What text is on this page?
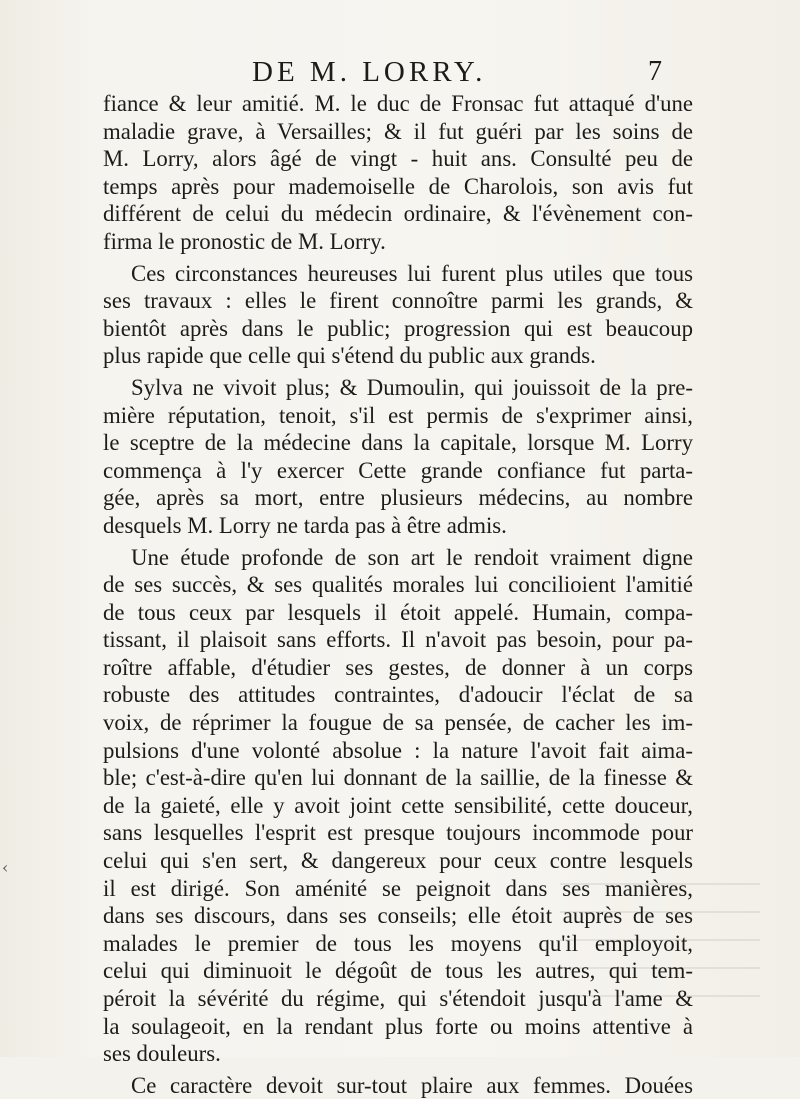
DE M. LORRY.	7
fiance & leur amitié. M. le duc de Fronsac fut attaqué d'une
maladie grave, à Versailles; & il fut guéri par les soins de
M. Lorry, alors âgé de vingt - huit ans. Consulté peu de
temps après pour mademoiselle de Charolois, son avis fut
différent de celui du médecin ordinaire, & l'évènement con-
firma le pronostic de M. Lorry.
Ces circonstances heureuses lui furent plus utiles que tous
ses travaux : elles le firent connoître parmi les grands, &
bientôt après dans le public; progression qui est beaucoup
plus rapide que celle qui s'étend du public aux grands.
Sylva ne vivoit plus; & Dumoulin, qui jouissoit de la pre-
mière réputation, tenoit, s'il est permis de s'exprimer ainsi,
le sceptre de la médecine dans la capitale, lorsque M. Lorry
commença à l'y exercer Cette grande confiance fut parta-
gée, après sa mort, entre plusieurs médecins, au nombre
desquels M. Lorry ne tarda pas à être admis.
Une étude profonde de son art le rendoit vraiment digne
de ses succès, & ses qualités morales lui concilioient l'amitié
de tous ceux par lesquels il étoit appelé. Humain, compa-
tissant, il plaisoit sans efforts. Il n'avoit pas besoin, pour pa-
roître affable, d'étudier ses gestes, de donner à un corps
robuste des attitudes contraintes, d'adoucir l'éclat de sa
voix, de réprimer la fougue de sa pensée, de cacher les im-
pulsions d'une volonté absolue : la nature l'avoit fait aima-
ble; c'est-à-dire qu'en lui donnant de la saillie, de la finesse &
de la gaieté, elle y avoit joint cette sensibilité, cette douceur,
sans lesquelles l'esprit est presque toujours incommode pour
celui qui s'en sert, & dangereux pour ceux contre lesquels
il est dirigé. Son aménité se peignoit dans ses manières,
dans ses discours, dans ses conseils; elle étoit auprès de ses
malades le premier de tous les moyens qu'il employoit,
celui qui diminuoit le dégoût de tous les autres, qui tem-
péroit la sévérité du régime, qui s'étendoit jusqu'à l'ame &
la soulageoit, en la rendant plus forte ou moins attentive à
ses douleurs.
Ce caractère devoit sur-tout plaire aux femmes. Douées
‹
